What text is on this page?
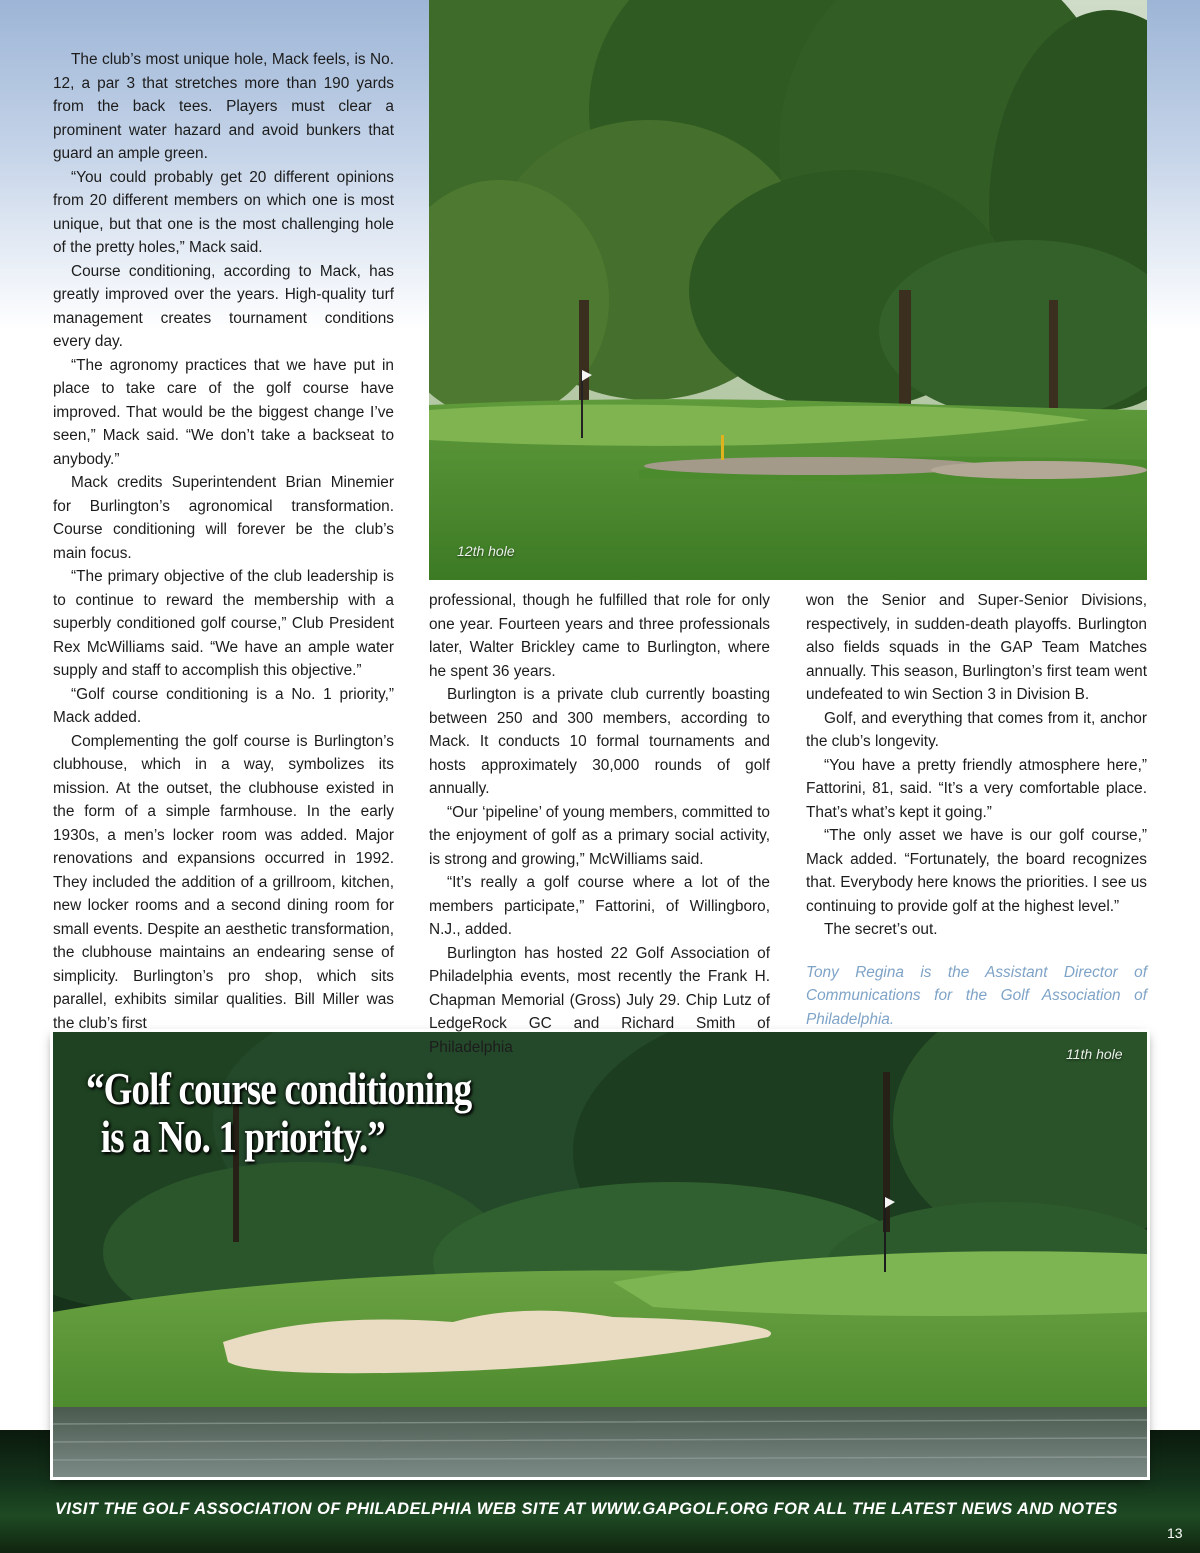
The club’s most unique hole, Mack feels, is No. 12, a par 3 that stretches more than 190 yards from the back tees. Players must clear a prominent water hazard and avoid bunkers that guard an ample green.

“You could probably get 20 different opinions from 20 different members on which one is most unique, but that one is the most challenging hole of the pretty holes,” Mack said.

Course conditioning, according to Mack, has greatly improved over the years. High-quality turf management creates tournament conditions every day.

“The agronomy practices that we have put in place to take care of the golf course have improved. That would be the biggest change I’ve seen,” Mack said. “We don’t take a backseat to anybody.”

Mack credits Superintendent Brian Minemier for Burlington’s agronomical transformation. Course conditioning will forever be the club’s main focus.

“The primary objective of the club leadership is to continue to reward the membership with a superbly conditioned golf course,” Club President Rex McWilliams said. “We have an ample water supply and staff to accomplish this objective.”

“Golf course conditioning is a No. 1 priority,” Mack added.

Complementing the golf course is Burlington’s clubhouse, which in a way, symbolizes its mission. At the outset, the clubhouse existed in the form of a simple farmhouse. In the early 1930s, a men’s locker room was added. Major renovations and expansions occurred in 1992. They included the addition of a grillroom, kitchen, new locker rooms and a second dining room for small events. Despite an aesthetic transformation, the clubhouse maintains an endearing sense of simplicity. Burlington’s pro shop, which sits parallel, exhibits similar qualities. Bill Miller was the club’s first

12th hole

professional, though he fulfilled that role for only one year. Fourteen years and three professionals later, Walter Brickley came to Burlington, where he spent 36 years.

Burlington is a private club currently boasting between 250 and 300 members, according to Mack. It conducts 10 formal tournaments and hosts approximately 30,000 rounds of golf annually.

“Our ‘pipeline’ of young members, committed to the enjoyment of golf as a primary social activity, is strong and growing,” McWilliams said.

“It’s really a golf course where a lot of the members participate,” Fattorini, of Willingboro, N.J., added.

Burlington has hosted 22 Golf Association of Philadelphia events, most recently the Frank H. Chapman Memorial (Gross) July 29. Chip Lutz of LedgeRock GC and Richard Smith of Philadelphia

won the Senior and Super-Senior Divisions, respectively, in sudden-death playoffs. Burlington also fields squads in the GAP Team Matches annually. This season, Burlington’s first team went undefeated to win Section 3 in Division B.

Golf, and everything that comes from it, anchor the club’s longevity.

“You have a pretty friendly atmosphere here,” Fattorini, 81, said. “It’s a very comfortable place. That’s what’s kept it going.”

“The only asset we have is our golf course,” Mack added. “Fortunately, the board recognizes that. Everybody here knows the priorities. I see us continuing to provide golf at the highest level.”

The secret’s out.

Tony Regina is the Assistant Director of Communications for the Golf Association of Philadelphia.

11th hole
“Golf course conditioning
is a No. 1 priority.”
VISIT THE GOLF ASSOCIATION OF PHILADELPHIA WEB SITE AT WWW.GAPGOLF.ORG FOR ALL THE LATEST NEWS AND NOTES
13
